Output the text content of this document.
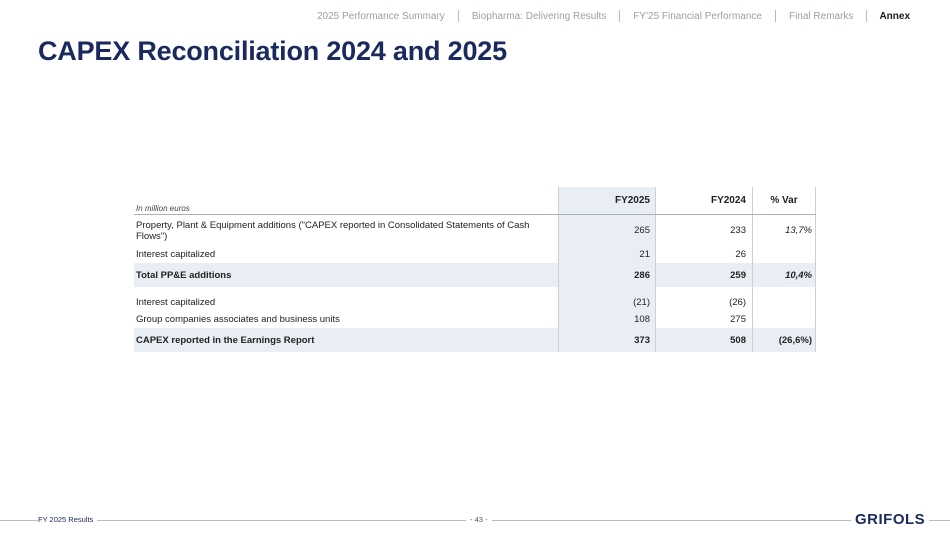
2025 Performance Summary	Biopharma: Delivering Results	FY'25 Financial Performance	Final Remarks	Annex
CAPEX Reconciliation 2024 and 2025
In million euros
FY2025	FY2024	% Var
Property, Plant & Equipment additions ("CAPEX reported in Consolidated Statements of Cash Flows")	265	233	13,7%
Interest capitalized	21	26
Total PP&E additions	286	259	10,4%
Interest capitalized	(21)	(26)
Group companies associates and business units	108	275
CAPEX reported in the Earnings Report	373	508	(26,6%)
FY 2025 Results	- 43 -	GRIFOLS
